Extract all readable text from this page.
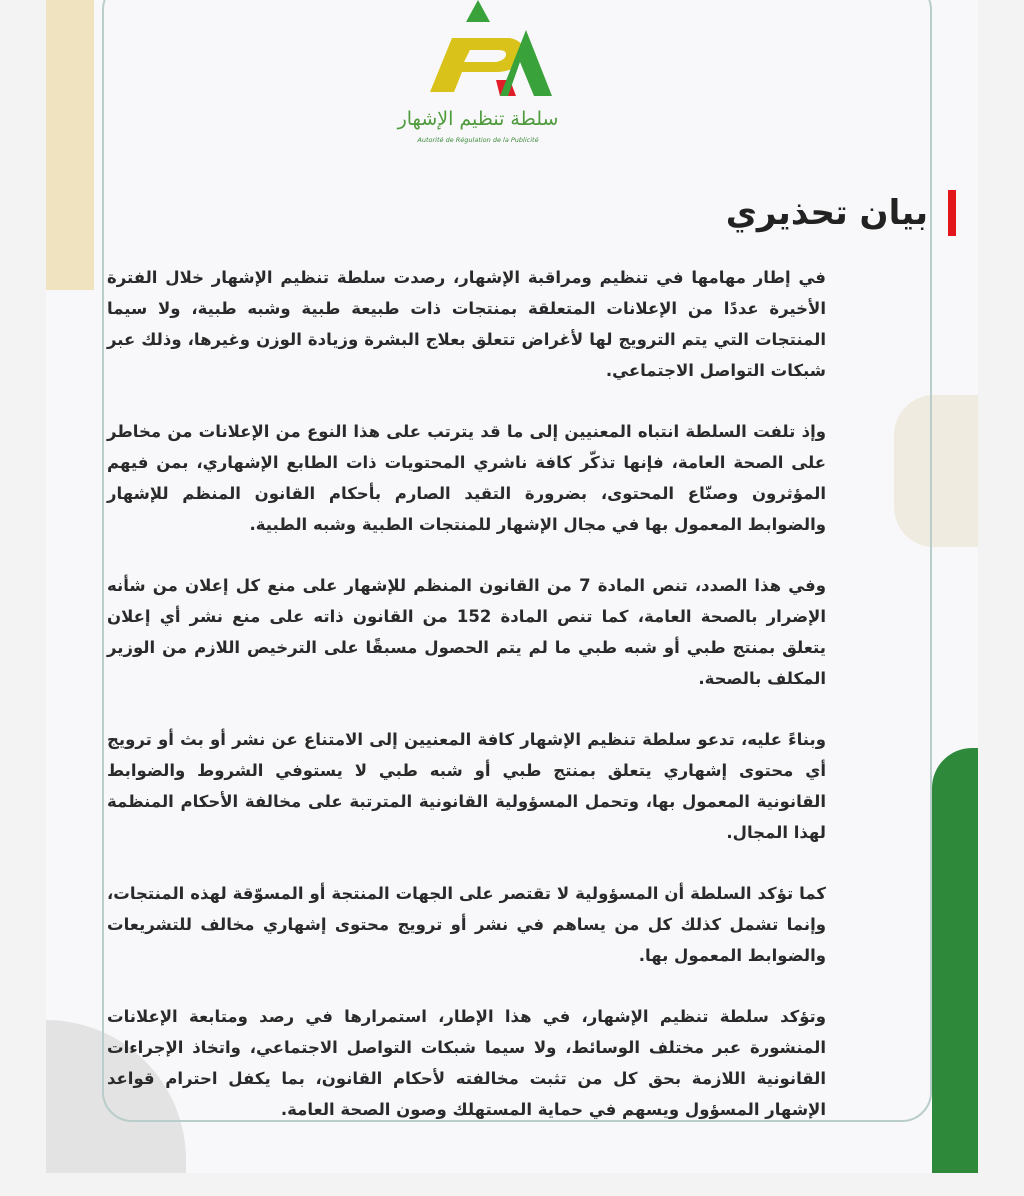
سلطة تنظيم الإشهار
Autorité de Régulation de la Publicité
بيان تحذيري

في إطار مهامها في تنظيم ومراقبة الإشهار، رصدت سلطة تنظيم الإشهار خلال الفترة الأخيرة عددًا من الإعلانات المتعلقة بمنتجات ذات طبيعة طبية وشبه طبية، ولا سيما المنتجات التي يتم الترويج لها لأغراض تتعلق بعلاج البشرة وزيادة الوزن وغيرها، وذلك عبر شبكات التواصل الاجتماعي.

وإذ تلفت السلطة انتباه المعنيين إلى ما قد يترتب على هذا النوع من الإعلانات من مخاطر على الصحة العامة، فإنها تذكّر كافة ناشري المحتويات ذات الطابع الإشهاري، بمن فيهم المؤثرون وصنّاع المحتوى، بضرورة التقيد الصارم بأحكام القانون المنظم للإشهار والضوابط المعمول بها في مجال الإشهار للمنتجات الطبية وشبه الطبية.

وفي هذا الصدد، تنص المادة 7 من القانون المنظم للإشهار على منع كل إعلان من شأنه الإضرار بالصحة العامة، كما تنص المادة 152 من القانون ذاته على منع نشر أي إعلان يتعلق بمنتج طبي أو شبه طبي ما لم يتم الحصول مسبقًا على الترخيص اللازم من الوزير المكلف بالصحة.

وبناءً عليه، تدعو سلطة تنظيم الإشهار كافة المعنيين إلى الامتناع عن نشر أو بث أو ترويج أي محتوى إشهاري يتعلق بمنتج طبي أو شبه طبي لا يستوفي الشروط والضوابط القانونية المعمول بها، وتحمل المسؤولية القانونية المترتبة على مخالفة الأحكام المنظمة لهذا المجال.

كما تؤكد السلطة أن المسؤولية لا تقتصر على الجهات المنتجة أو المسوّقة لهذه المنتجات، وإنما تشمل كذلك كل من يساهم في نشر أو ترويج محتوى إشهاري مخالف للتشريعات والضوابط المعمول بها.

وتؤكد سلطة تنظيم الإشهار، في هذا الإطار، استمرارها في رصد ومتابعة الإعلانات المنشورة عبر مختلف الوسائط، ولا سيما شبكات التواصل الاجتماعي، واتخاذ الإجراءات القانونية اللازمة بحق كل من تثبت مخالفته لأحكام القانون، بما يكفل احترام قواعد الإشهار المسؤول ويسهم في حماية المستهلك وصون الصحة العامة.
